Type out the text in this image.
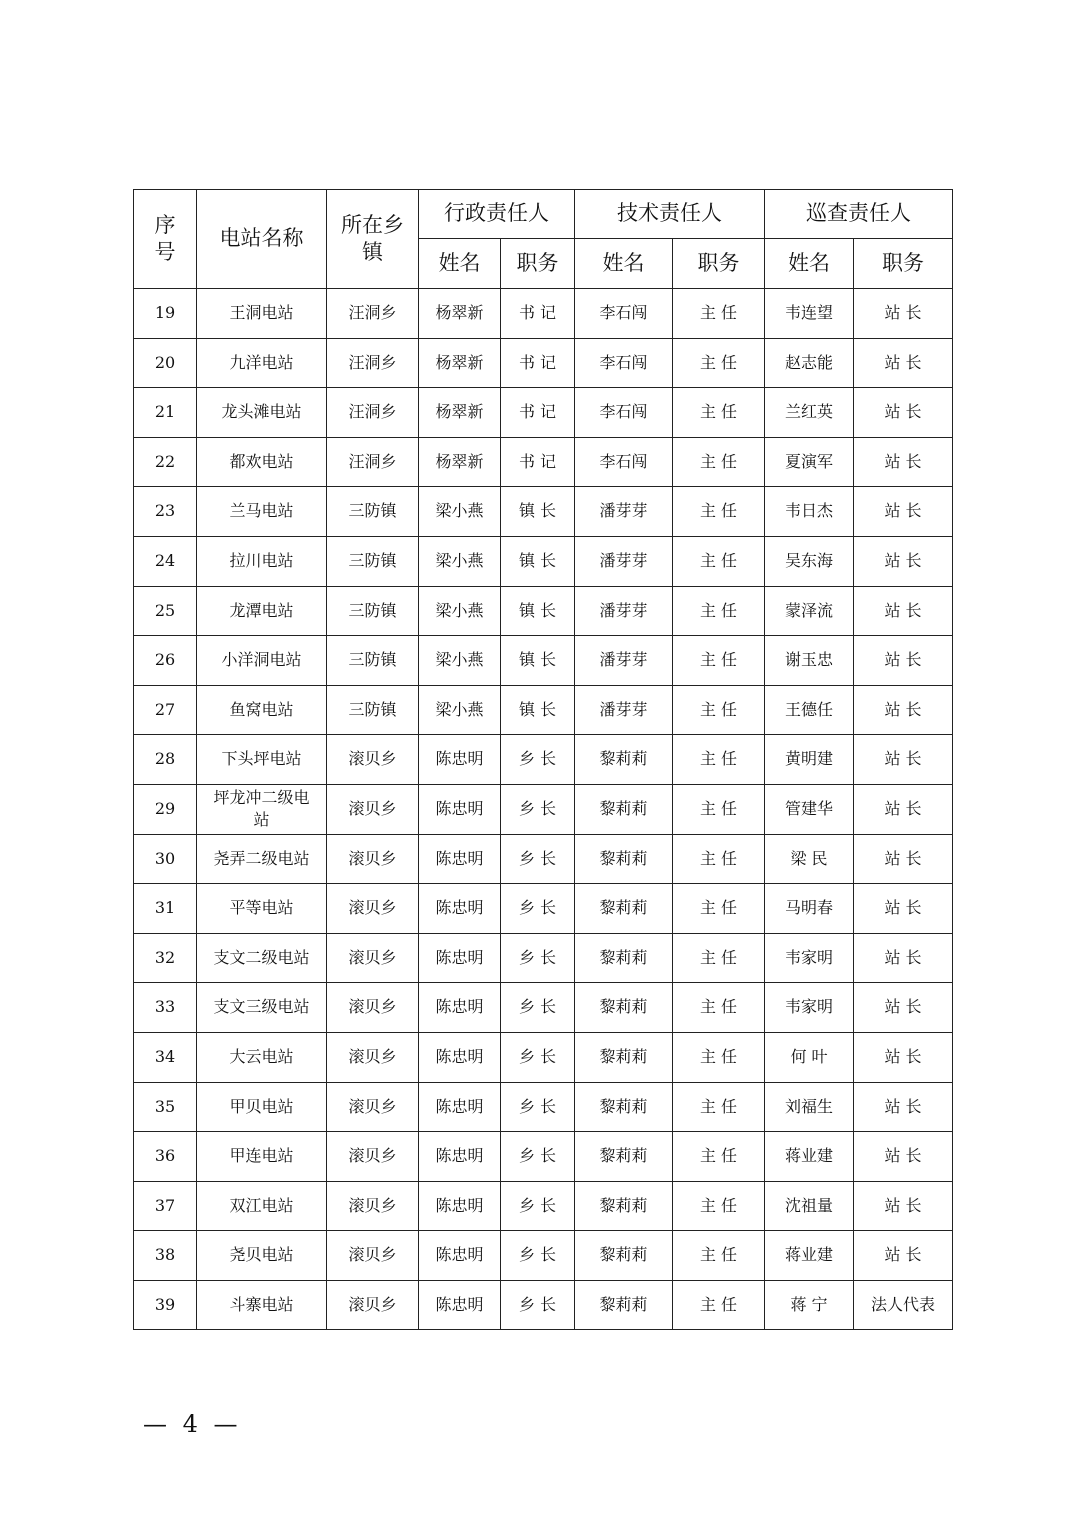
序号	电站名称	所在乡镇	行政责任人		技术责任人		巡查责任人	
			姓名	职务	姓名	职务	姓名	职务
19	王洞电站	汪洞乡	杨翠新	书 记	李石闯	主 任	韦连望	站 长
20	九洋电站	汪洞乡	杨翠新	书 记	李石闯	主 任	赵志能	站 长
21	龙头滩电站	汪洞乡	杨翠新	书 记	李石闯	主 任	兰红英	站 长
22	都欢电站	汪洞乡	杨翠新	书 记	李石闯	主 任	夏演军	站 长
23	兰马电站	三防镇	梁小燕	镇 长	潘芽芽	主 任	韦日杰	站 长
24	拉川电站	三防镇	梁小燕	镇 长	潘芽芽	主 任	吴东海	站 长
25	龙潭电站	三防镇	梁小燕	镇 长	潘芽芽	主 任	蒙泽流	站 长
26	小洋洞电站	三防镇	梁小燕	镇 长	潘芽芽	主 任	谢玉忠	站 长
27	鱼窝电站	三防镇	梁小燕	镇 长	潘芽芽	主 任	王德任	站 长
28	下头坪电站	滚贝乡	陈忠明	乡 长	黎莉莉	主 任	黄明建	站 长
29	坪龙冲二级电站	滚贝乡	陈忠明	乡 长	黎莉莉	主 任	管建华	站 长
30	尧弄二级电站	滚贝乡	陈忠明	乡 长	黎莉莉	主 任	梁 民	站 长
31	平等电站	滚贝乡	陈忠明	乡 长	黎莉莉	主 任	马明春	站 长
32	支文二级电站	滚贝乡	陈忠明	乡 长	黎莉莉	主 任	韦家明	站 长
33	支文三级电站	滚贝乡	陈忠明	乡 长	黎莉莉	主 任	韦家明	站 长
34	大云电站	滚贝乡	陈忠明	乡 长	黎莉莉	主 任	何 叶	站 长
35	甲贝电站	滚贝乡	陈忠明	乡 长	黎莉莉	主 任	刘福生	站 长
36	甲连电站	滚贝乡	陈忠明	乡 长	黎莉莉	主 任	蒋业建	站 长
37	双江电站	滚贝乡	陈忠明	乡 长	黎莉莉	主 任	沈祖量	站 长
38	尧贝电站	滚贝乡	陈忠明	乡 长	黎莉莉	主 任	蒋业建	站 长
39	斗寨电站	滚贝乡	陈忠明	乡 长	黎莉莉	主 任	蒋 宁	法人代表
— 4 —
